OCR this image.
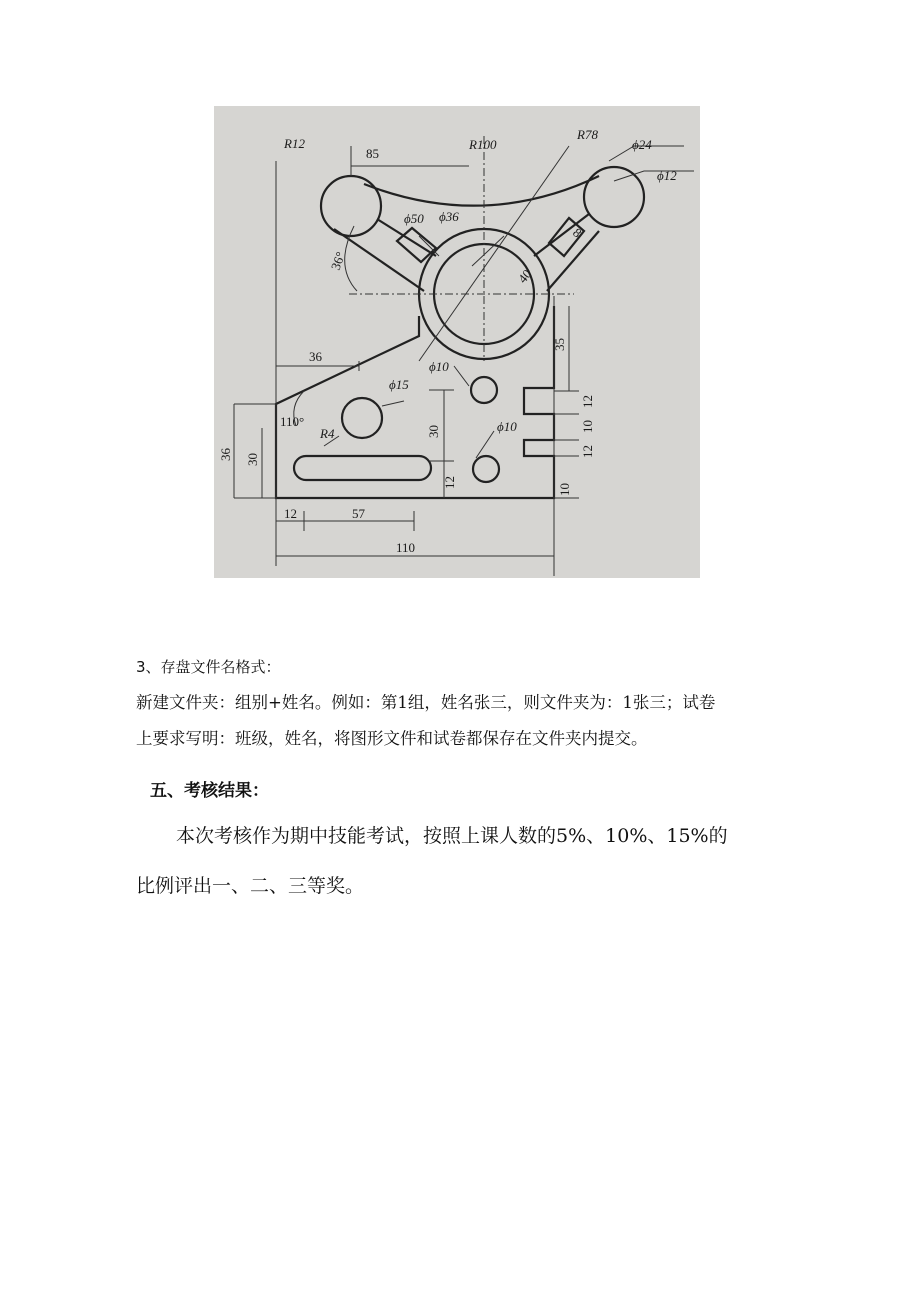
R12
85
R100
R78
ϕ24
ϕ12
ϕ50 ϕ36
36°
40
8
36
ϕ10
ϕ15
110°
R4	30	ϕ10
36 30
12
35
12
10
12
10
12	57
110
3、存盘文件名格式：
新建文件夹：组别+姓名。例如：第1组，姓名张三，则文件夹为：1张三；试卷
上要求写明：班级，姓名，将图形文件和试卷都保存在文件夹内提交。
五、考核结果：
本次考核作为期中技能考试，按照上课人数的5%、10%、15%的
比例评出一、二、三等奖。
